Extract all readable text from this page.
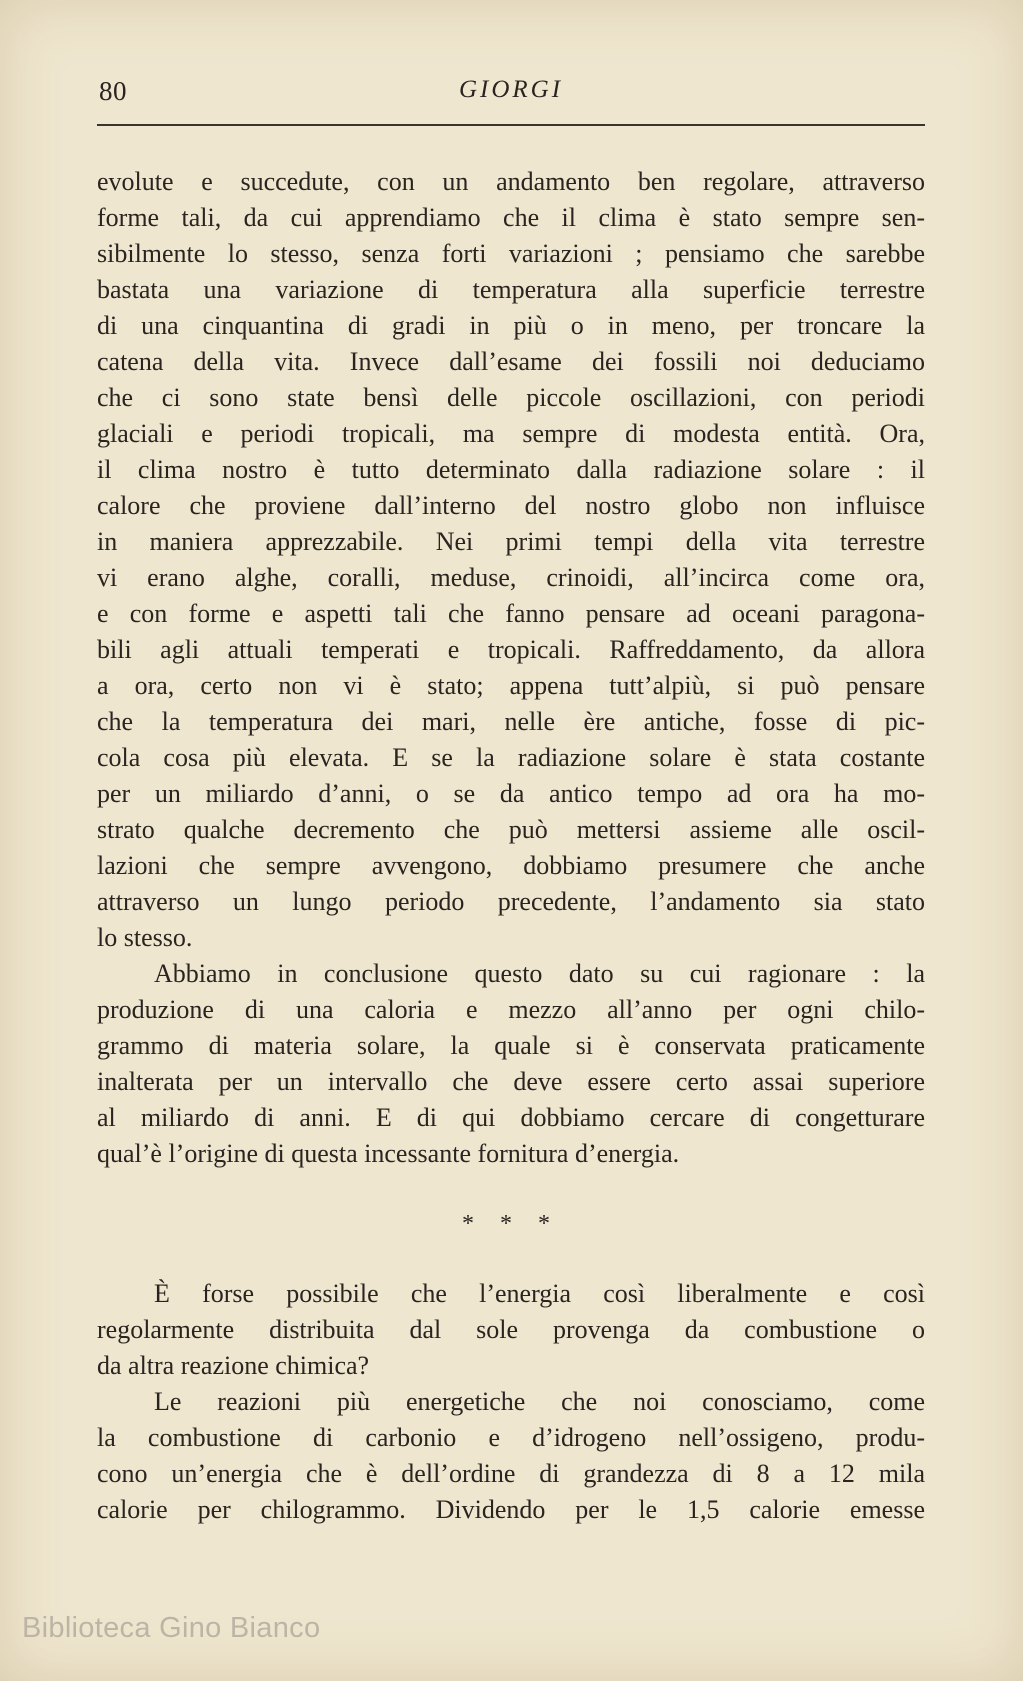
80	GIORGI
evolute e succedute, con un andamento ben regolare, attraverso
forme tali, da cui apprendiamo che il clima è stato sempre sen-
sibilmente lo stesso, senza forti variazioni ; pensiamo che sarebbe
bastata una variazione di temperatura alla superficie terrestre
di una cinquantina di gradi in più o in meno, per troncare la
catena della vita. Invece dall’esame dei fossili noi deduciamo
che ci sono state bensì delle piccole oscillazioni, con periodi
glaciali e periodi tropicali, ma sempre di modesta entità. Ora,
il clima nostro è tutto determinato dalla radiazione solare : il
calore che proviene dall’interno del nostro globo non influisce
in maniera apprezzabile. Nei primi tempi della vita terrestre
vi erano alghe, coralli, meduse, crinoidi, all’incirca come ora,
e con forme e aspetti tali che fanno pensare ad oceani paragona-
bili agli attuali temperati e tropicali. Raffreddamento, da allora
a ora, certo non vi è stato; appena tutt’alpiù, si può pensare
che la temperatura dei mari, nelle ère antiche, fosse di pic-
cola cosa più elevata. E se la radiazione solare è stata costante
per un miliardo d’anni, o se da antico tempo ad ora ha mo-
strato qualche decremento che può mettersi assieme alle oscil-
lazioni che sempre avvengono, dobbiamo presumere che anche
attraverso un lungo periodo precedente, l’andamento sia stato
lo stesso.
Abbiamo in conclusione questo dato su cui ragionare : la
produzione di una caloria e mezzo all’anno per ogni chilo-
grammo di materia solare, la quale si è conservata praticamente
inalterata per un intervallo che deve essere certo assai superiore
al miliardo di anni. E di qui dobbiamo cercare di congetturare
qual’è l’origine di questa incessante fornitura d’energia.
* * *
È forse possibile che l’energia così liberalmente e così
regolarmente distribuita dal sole provenga da combustione o
da altra reazione chimica?
Le reazioni più energetiche che noi conosciamo, come
la combustione di carbonio e d’idrogeno nell’ossigeno, produ-
cono un’energia che è dell’ordine di grandezza di 8 a 12 mila
calorie per chilogrammo. Dividendo per le 1,5 calorie emesse
Biblioteca Gino Bianco
